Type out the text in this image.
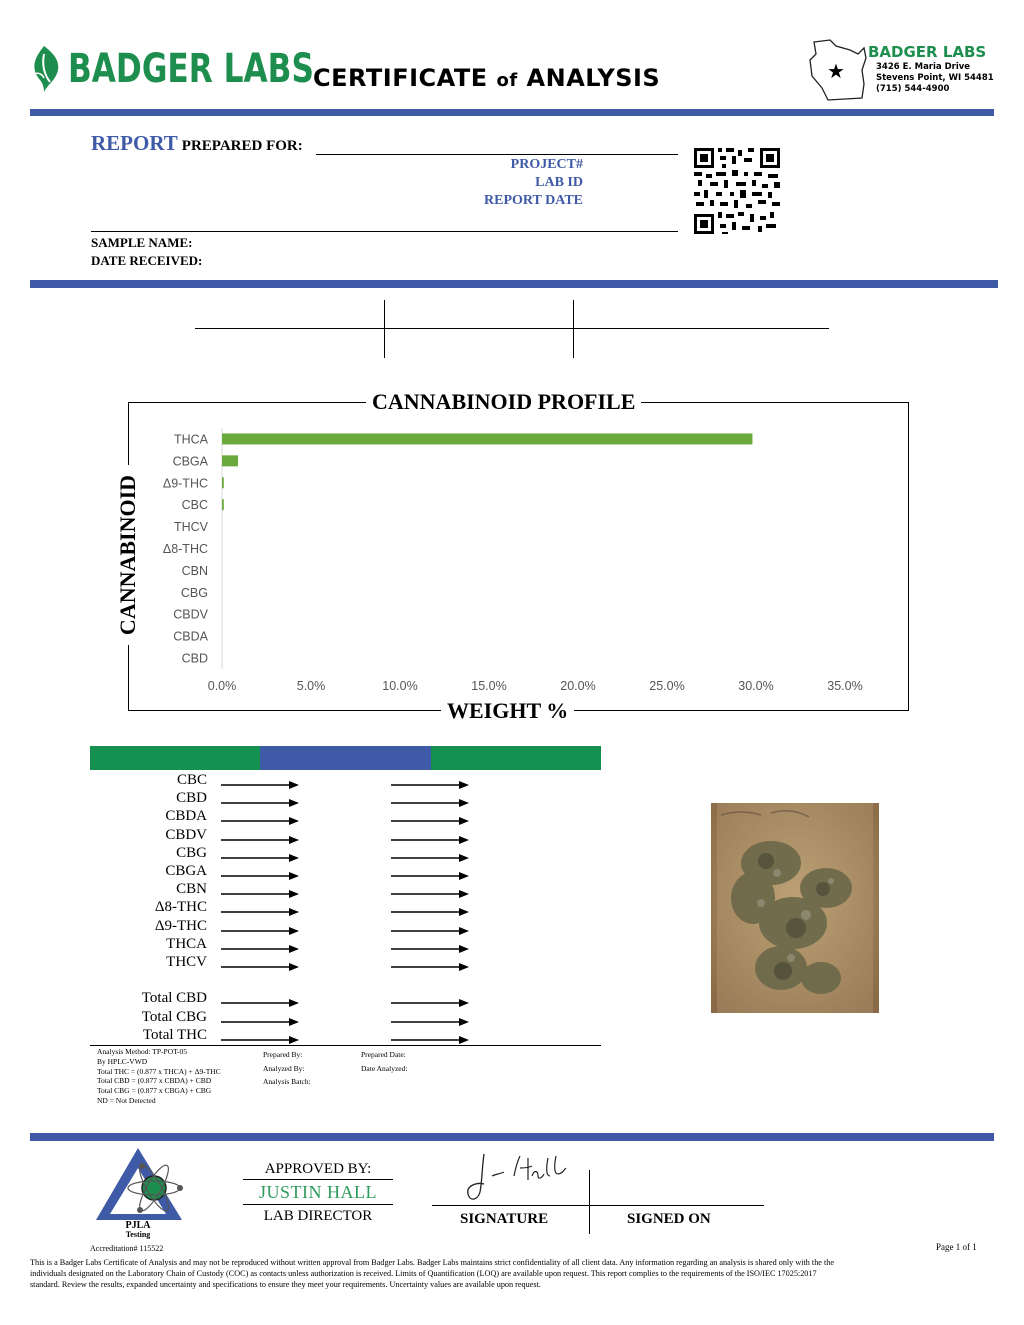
BADGER LABS CERTIFICATE of ANALYSIS	★
BADGER LABS
3426 E. Maria Drive
Stevens Point, WI 54481
(715) 544-4900
REPORT PREPARED FOR:
PROJECT#
LAB ID
REPORT DATE
SAMPLE NAME:
DATE RECEIVED:
CANNABINOID PROFILE
WEIGHT %
CANNABINOID
THCA
CBGA
Δ9-THC
CBC
THCV
Δ8-THC
CBN
CBG
CBDV
CBDA
CBD
0.0%	5.0%	10.0%	15.0%	20.0%	25.0%	30.0%	35.0%
CBC
CBD
CBDA
CBDV
CBG
CBGA
CBN
Δ8-THC
Δ9-THC
THCA
THCV
Total CBD
Total CBG
Total THC
Analysis Method: TP-POT-05
By HPLC-VWD
Total THC = (0.877 x THCA) + Δ9-THC
Total CBD = (0.877 x CBDA) + CBD
Total CBG = (0.877 x CBGA) + CBG
ND = Not Detected
Prepared By:
Analyzed By:
Analysis Batch:
Prepared Date:
Date Analyzed:
PJLA
Testing
Accreditation# 115522
APPROVED BY:
JUSTIN HALL
LAB DIRECTOR	SIGNATURE	SIGNED ON
Page 1 of 1
This is a Badger Labs Certificate of Analysis and may not be reproduced without written approval from Badger Labs. Badger Labs maintains strict confidentiality of all client data. Any information regarding an analysis is shared only with the the
individuals designated on the Laboratory Chain of Custody (COC) as contacts unless authorization is received. Limits of Quantification (LOQ) are available upon request. This report complies to the requirements of the ISO/IEC 17025:2017
standard. Review the results, expanded uncertainty and specifications to ensure they meet your requirements. Uncertainty values are available upon request.
